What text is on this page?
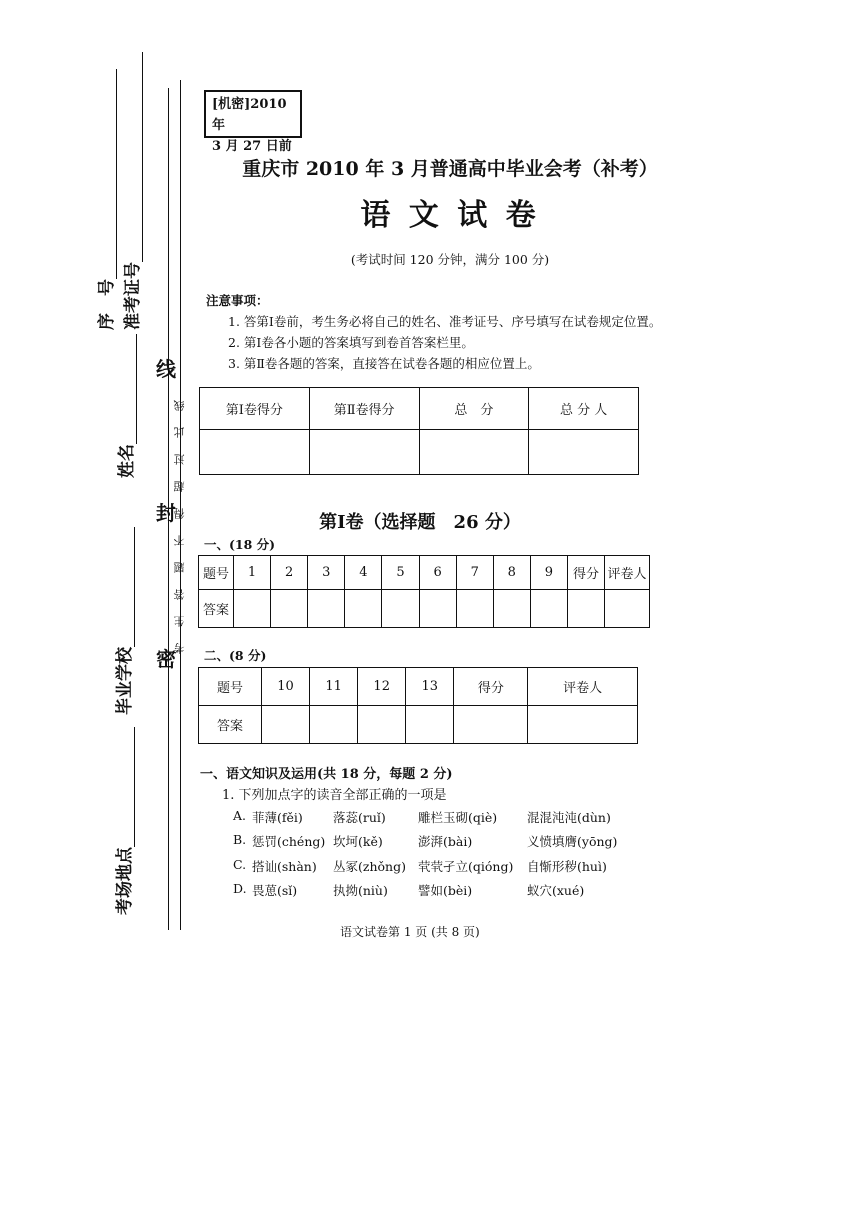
考场地点
毕业学校
姓名
准考证号
序　号
密
封
线
考生答题不得超过此线
[机密]2010 年
3 月 27 日前
重庆市 2010 年 3 月普通高中毕业会考（补考）
语 文 试 卷
(考试时间 120 分钟，满分 100 分)

注意事项：

1. 答第Ⅰ卷前，考生务必将自己的姓名、准考证号、序号填写在试卷规定位置。

2. 第Ⅰ卷各小题的答案填写到卷首答案栏里。

3. 第Ⅱ卷各题的答案，直接答在试卷各题的相应位置上。

第Ⅰ卷得分	第Ⅱ卷得分	总　分	总 分 人

第Ⅰ卷（选择题　26 分）
一、(18 分)
题号	1	2	3	4	5	6	7	8	9	得分	评卷人
答案											
二、(8 分)
题号	10	11	12	13	得分	评卷人
答案						
一、语文知识及运用(共 18 分，每题 2 分)
1. 下列加点字的读音全部正确的一项是
A. 菲薄(fěi) 落蕊(ruǐ)	雕栏玉砌(qiè) 混混沌沌(dùn)
B. 惩罚(chéng) 坎坷(kě)	澎湃(bài)	义愤填膺(yōng)
C. 搭讪(shàn) 丛冢(zhǒng) 茕茕孑立(qióng) 自惭形秽(huì)
D. 畏葸(sǐ)	执拗(niù) 譬如(bèi)	蚁穴(xué)
语文试卷第 1 页 (共 8 页)
